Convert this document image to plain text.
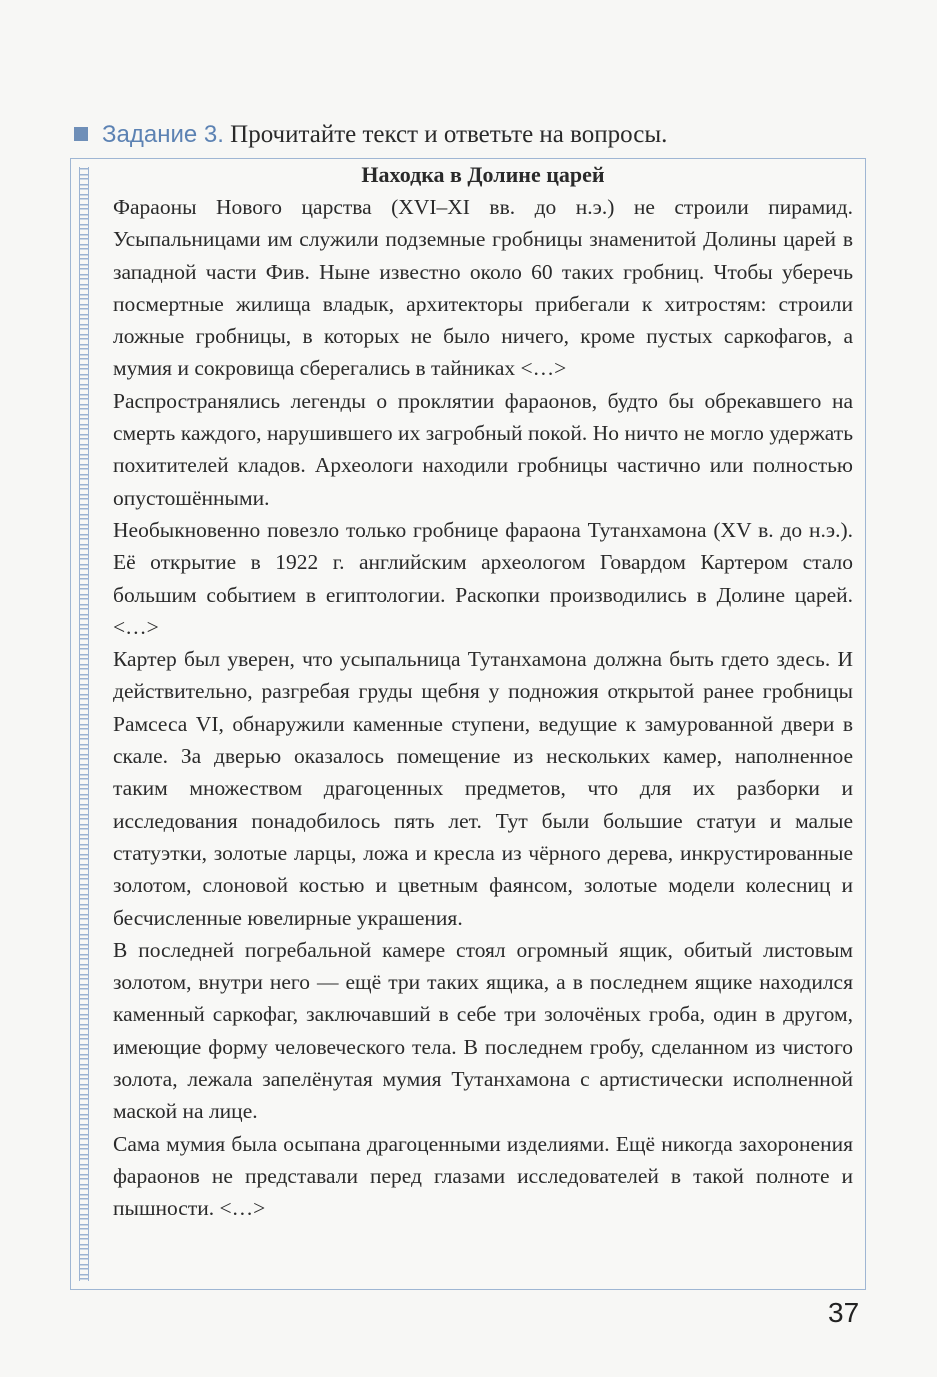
Задание 3. Прочитайте текст и ответьте на вопросы.
Находка в Долине царей

Фараоны Нового царства (XVI–XI вв. до н.э.) не строили пирамид. Усыпальницами им служили подземные гробницы знаменитой Долины царей в западной части Фив. Ныне известно около 60 таких гробниц. Чтобы уберечь посмертные жилища владык, архитекторы прибегали к хитростям: строили ложные гробницы, в которых не было ничего, кроме пустых саркофагов, а мумия и сокровища сберегались в тайниках <…>

Распространялись легенды о проклятии фараонов, будто бы обрекавшего на смерть каждого, нарушившего их загробный покой. Но ничто не могло удержать похитителей кладов. Археологи находили гробницы частично или полностью опустошёнными.

Необыкновенно повезло только гробнице фараона Тутанхамона (XV в. до н.э.). Её открытие в 1922 г. английским археологом Говардом Картером стало большим событием в египтологии. Раскопки производились в Долине царей. <…>

Картер был уверен, что усыпальница Тутанхамона должна быть гдето здесь. И действительно, разгребая груды щебня у подножия открытой ранее гробницы Рамсеса VI, обнаружили каменные ступени, ведущие к замурованной двери в скале. За дверью оказалось помещение из нескольких камер, наполненное таким множеством драгоценных предметов, что для их разборки и исследования понадобилось пять лет. Тут были большие статуи и малые статуэтки, золотые ларцы, ложа и кресла из чёрного дерева, инкрустированные золотом, слоновой костью и цветным фаянсом, золотые модели колесниц и бесчисленные ювелирные украшения.

В последней погребальной камере стоял огромный ящик, обитый листовым золотом, внутри него — ещё три таких ящика, а в последнем ящике находился каменный саркофаг, заключавший в себе три золочёных гроба, один в другом, имеющие форму человеческого тела. В последнем гробу, сделанном из чистого золота, лежала запелёнутая мумия Тутанхамона с артистически исполненной маской на лице.

Сама мумия была осыпана драгоценными изделиями. Ещё никогда захоронения фараонов не представали перед глазами исследователей в такой полноте и пышности. <…>

37
